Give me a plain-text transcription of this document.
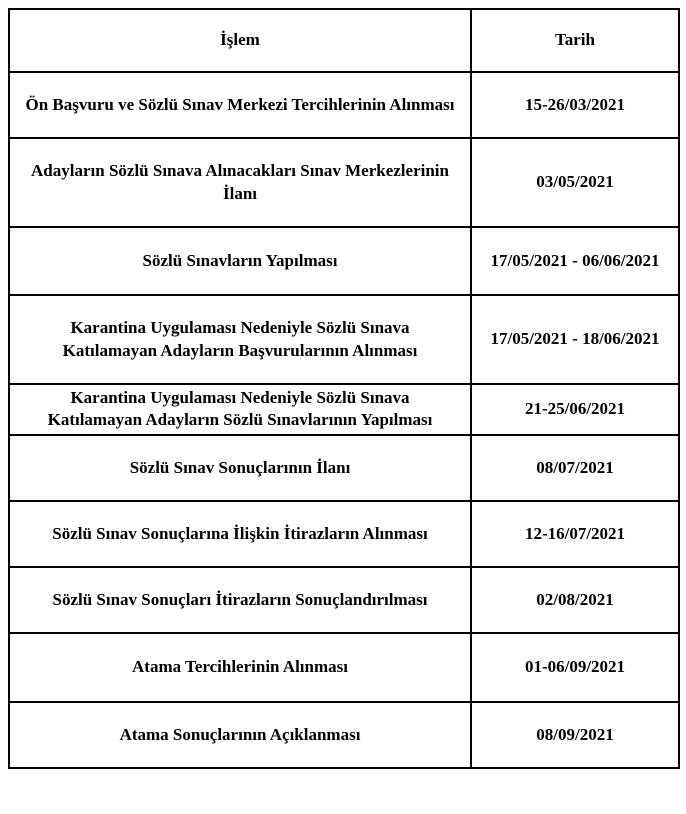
İşlem	Tarih
Ön Başvuru ve Sözlü Sınav Merkezi Tercihlerinin Alınması	15-26/03/2021
Adayların Sözlü Sınava Alınacakları Sınav Merkezlerinin İlanı	03/05/2021
Sözlü Sınavların Yapılması	17/05/2021 - 06/06/2021
Karantina Uygulaması Nedeniyle Sözlü Sınava Katılamayan Adayların Başvurularının Alınması	17/05/2021 - 18/06/2021
Karantina Uygulaması Nedeniyle Sözlü Sınava Katılamayan Adayların Sözlü Sınavlarının Yapılması	21-25/06/2021
Sözlü Sınav Sonuçlarının İlanı	08/07/2021
Sözlü Sınav Sonuçlarına İlişkin İtirazların Alınması	12-16/07/2021
Sözlü Sınav Sonuçları İtirazların Sonuçlandırılması	02/08/2021
Atama Tercihlerinin Alınması	01-06/09/2021
Atama Sonuçlarının Açıklanması	08/09/2021
